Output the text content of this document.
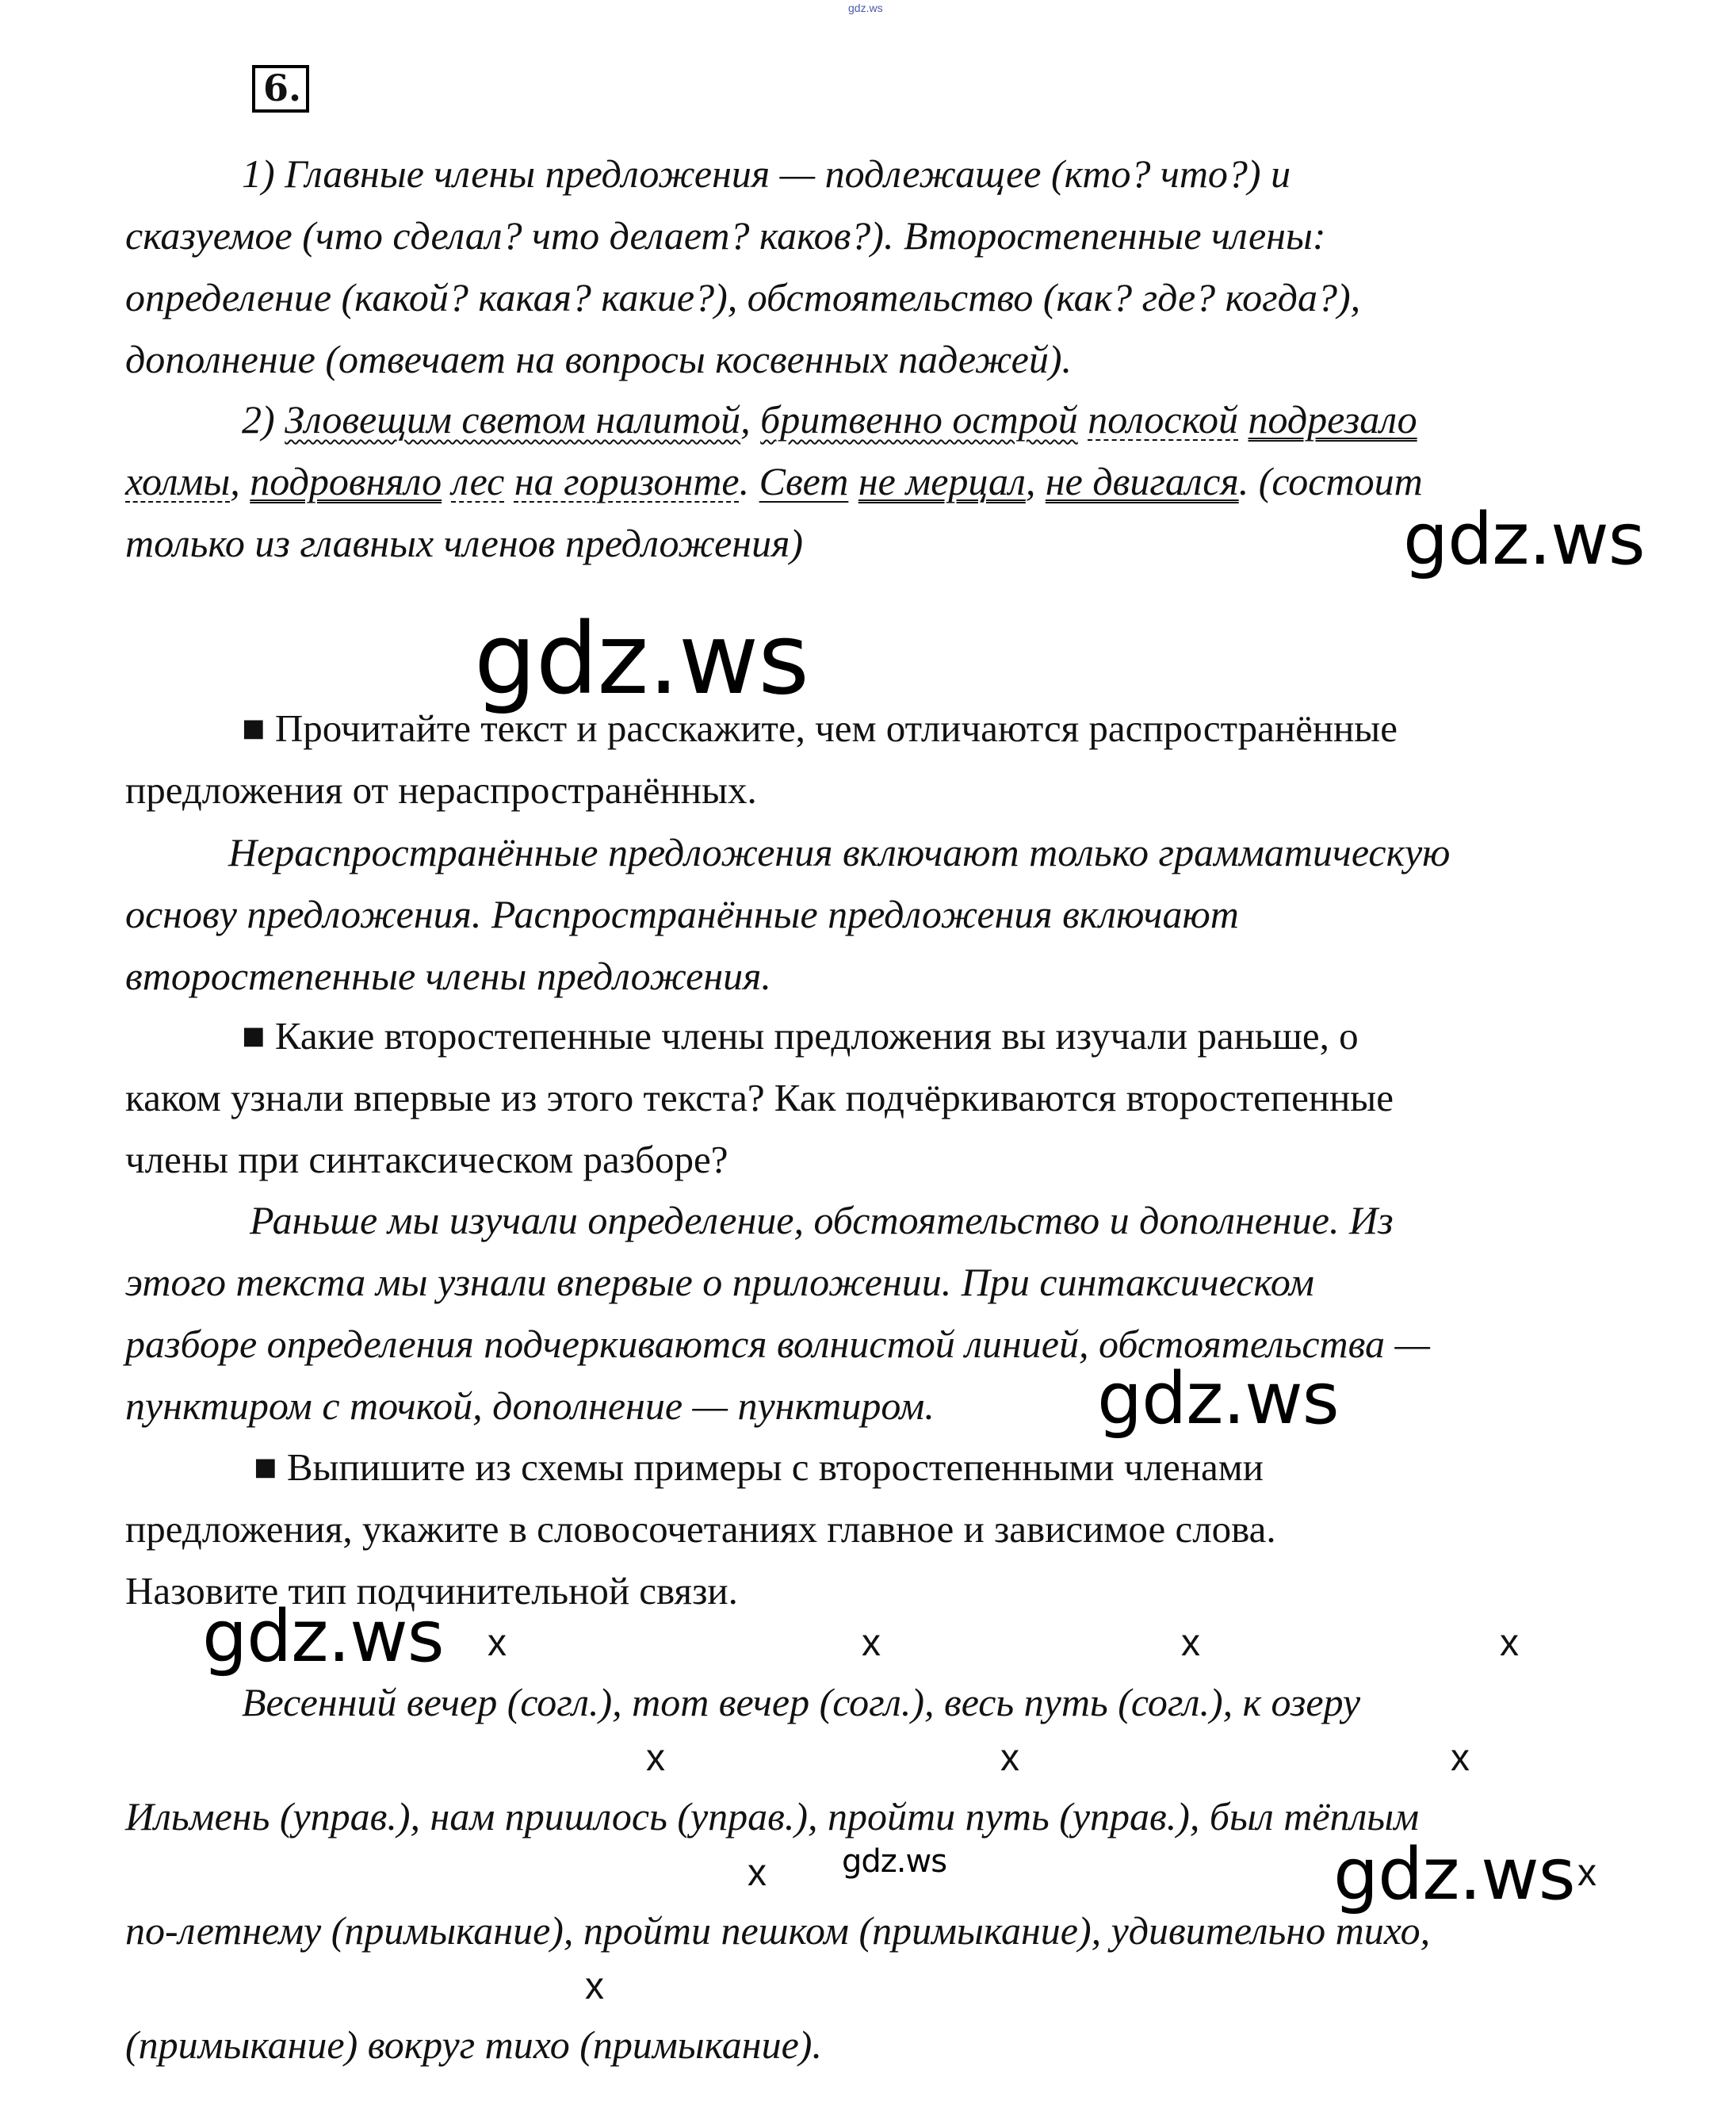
gdz.ws
6.
1) Главные члены предложения — подлежащее (кто? что?) и
сказуемое (что сделал? что делает? каков?). Второстепенные члены:
определение (какой? какая? какие?), обстоятельство (как? где? когда?),
дополнение (отвечает на вопросы косвенных падежей).
2) Зловещим светом налитой, бритвенно острой полоской подрезало
холмы, подровняло лес на горизонте. Свет не мерцал, не двигался. (состоит
только из главных членов предложения)	gdz.ws
gdz.ws
■ Прочитайте текст и расскажите, чем отличаются распространённые
предложения от нераспространённых.
Нераспространённые предложения включают только грамматическую
основу предложения. Распространённые предложения включают
второстепенные члены предложения.
■ Какие второстепенные члены предложения вы изучали раньше, о
каком узнали впервые из этого текста? Как подчёркиваются второстепенные
члены при синтаксическом разборе?
Раньше мы изучали определение, обстоятельство и дополнение. Из
этого текста мы узнали впервые о приложении. При синтаксическом
разборе определения подчеркиваются волнистой линией, обстоятельства —
пунктиром с точкой, дополнение — пунктиром. gdz.ws
■ Выпишите из схемы примеры с второстепенными членами
предложения, укажите в словосочетаниях главное и зависимое слова.
Назовите тип подчинительной связи.
gdz.ws x	x	x	x
Весенний вечер (согл.), тот вечер (согл.), весь путь (согл.), к озеру
x	x	x
Ильмень (управ.), нам пришлось (управ.), пройти путь (управ.), был тёплым
x gdz.ws	gdz.ws x
по-летнему (примыкание), пройти пешком (примыкание), удивительно тихо,
x
(примыкание) вокруг тихо (примыкание).
